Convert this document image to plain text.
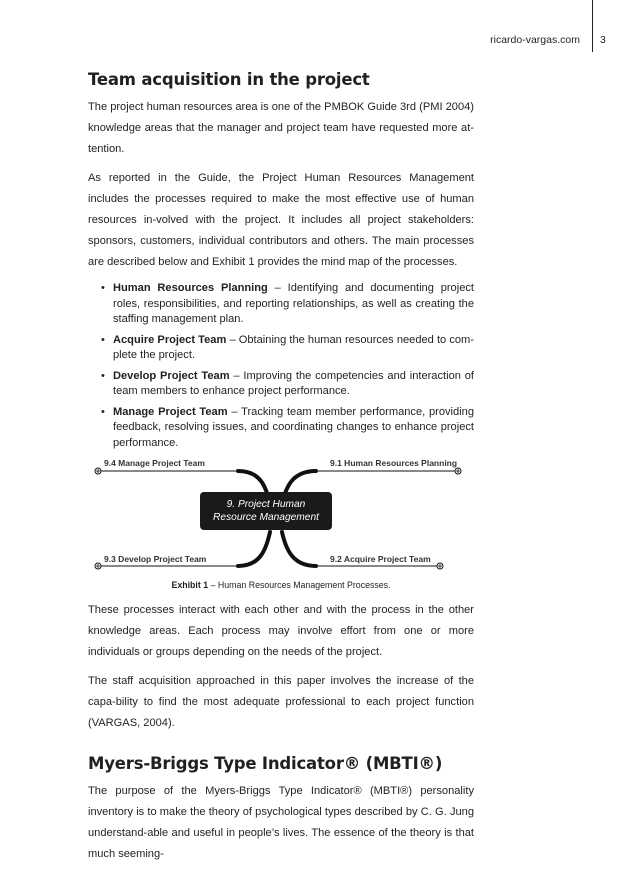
ricardo-vargas.com 3
Team acquisition in the project

The project human resources area is one of the PMBOK Guide 3rd (PMI 2004) knowledge areas that the manager and project team have requested more at-tention.

As reported in the Guide, the Project Human Resources Management includes the processes required to make the most effective use of human resources in-volved with the project. It includes all project stakeholders: sponsors, customers, individual contributors and others. The main processes are described below and Exhibit 1 provides the mind map of the processes.

• Human Resources Planning – Identifying and documenting project roles, responsibilities, and reporting relationships, as well as creating the staffing management plan.
• Acquire Project Team – Obtaining the human resources needed to com-plete the project.
• Develop Project Team – Improving the competencies and interaction of team members to enhance project performance.
• Manage Project Team – Tracking team member performance, providing feedback, resolving issues, and coordinating changes to enhance project performance.
9.4 Manage Project Team	9.1 Human Resources Planning
9.3 Develop Project Team	9.2 Acquire Project Team
9. Project Human
Resource Management
Exhibit 1 – Human Resources Management Processes.

These processes interact with each other and with the process in the other knowledge areas. Each process may involve effort from one or more individuals or groups depending on the needs of the project.

The staff acquisition approached in this paper involves the increase of the capa-bility to find the most adequate professional to each project function (VARGAS, 2004).

Myers-Briggs Type Indicator® (MBTI®)

The purpose of the Myers-Briggs Type Indicator® (MBTI®) personality inventory is to make the theory of psychological types described by C. G. Jung understand-able and useful in people’s lives. The essence of the theory is that much seeming-
